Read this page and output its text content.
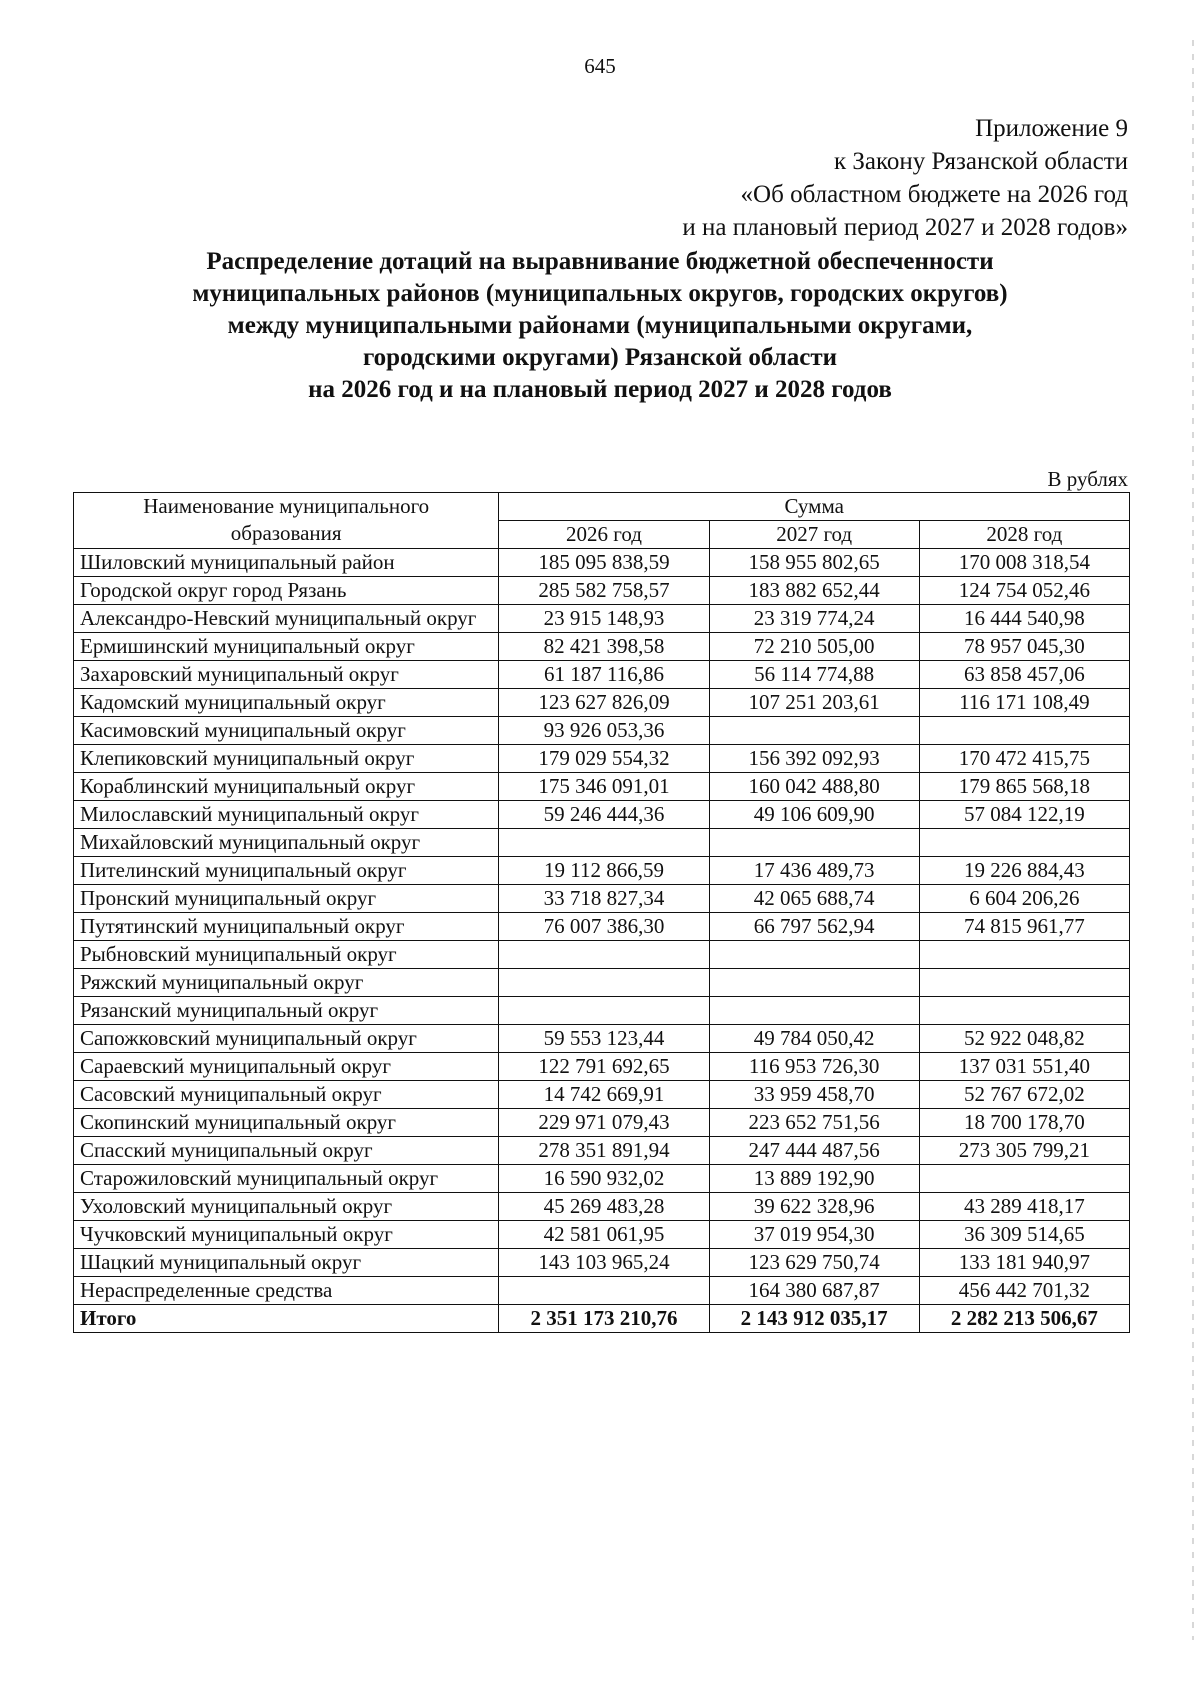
645
Приложение 9
к Закону Рязанской области
«Об областном бюджете на 2026 год
и на плановый период 2027 и 2028 годов»
Распределение дотаций на выравнивание бюджетной обеспеченности
муниципальных районов (муниципальных округов, городских округов)
между муниципальными районами (муниципальными округами,
городскими округами) Рязанской области
на 2026 год и на плановый период 2027 и 2028 годов
В рублях
Наименование муниципального
образования	Сумма		
	2026 год	2027 год	2028 год
Шиловский муниципальный район	185 095 838,59	158 955 802,65	170 008 318,54
Городской округ город Рязань	285 582 758,57	183 882 652,44	124 754 052,46
Александро-Невский муниципальный округ	23 915 148,93	23 319 774,24	16 444 540,98
Ермишинский муниципальный округ	82 421 398,58	72 210 505,00	78 957 045,30
Захаровский муниципальный округ	61 187 116,86	56 114 774,88	63 858 457,06
Кадомский муниципальный округ	123 627 826,09	107 251 203,61	116 171 108,49
Касимовский муниципальный округ	93 926 053,36		
Клепиковский муниципальный округ	179 029 554,32	156 392 092,93	170 472 415,75
Кораблинский муниципальный округ	175 346 091,01	160 042 488,80	179 865 568,18
Милославский муниципальный округ	59 246 444,36	49 106 609,90	57 084 122,19
Михайловский муниципальный округ			
Пителинский муниципальный округ	19 112 866,59	17 436 489,73	19 226 884,43
Пронский муниципальный округ	33 718 827,34	42 065 688,74	6 604 206,26
Путятинский муниципальный округ	76 007 386,30	66 797 562,94	74 815 961,77
Рыбновский муниципальный округ			
Ряжский муниципальный округ			
Рязанский муниципальный округ			
Сапожковский муниципальный округ	59 553 123,44	49 784 050,42	52 922 048,82
Сараевский муниципальный округ	122 791 692,65	116 953 726,30	137 031 551,40
Сасовский муниципальный округ	14 742 669,91	33 959 458,70	52 767 672,02
Скопинский муниципальный округ	229 971 079,43	223 652 751,56	18 700 178,70
Спасский муниципальный округ	278 351 891,94	247 444 487,56	273 305 799,21
Старожиловский муниципальный округ	16 590 932,02	13 889 192,90	
Ухоловский муниципальный округ	45 269 483,28	39 622 328,96	43 289 418,17
Чучковский муниципальный округ	42 581 061,95	37 019 954,30	36 309 514,65
Шацкий муниципальный округ	143 103 965,24	123 629 750,74	133 181 940,97
Нераспределенные средства		164 380 687,87	456 442 701,32
Итого	2 351 173 210,76	2 143 912 035,17	2 282 213 506,67
